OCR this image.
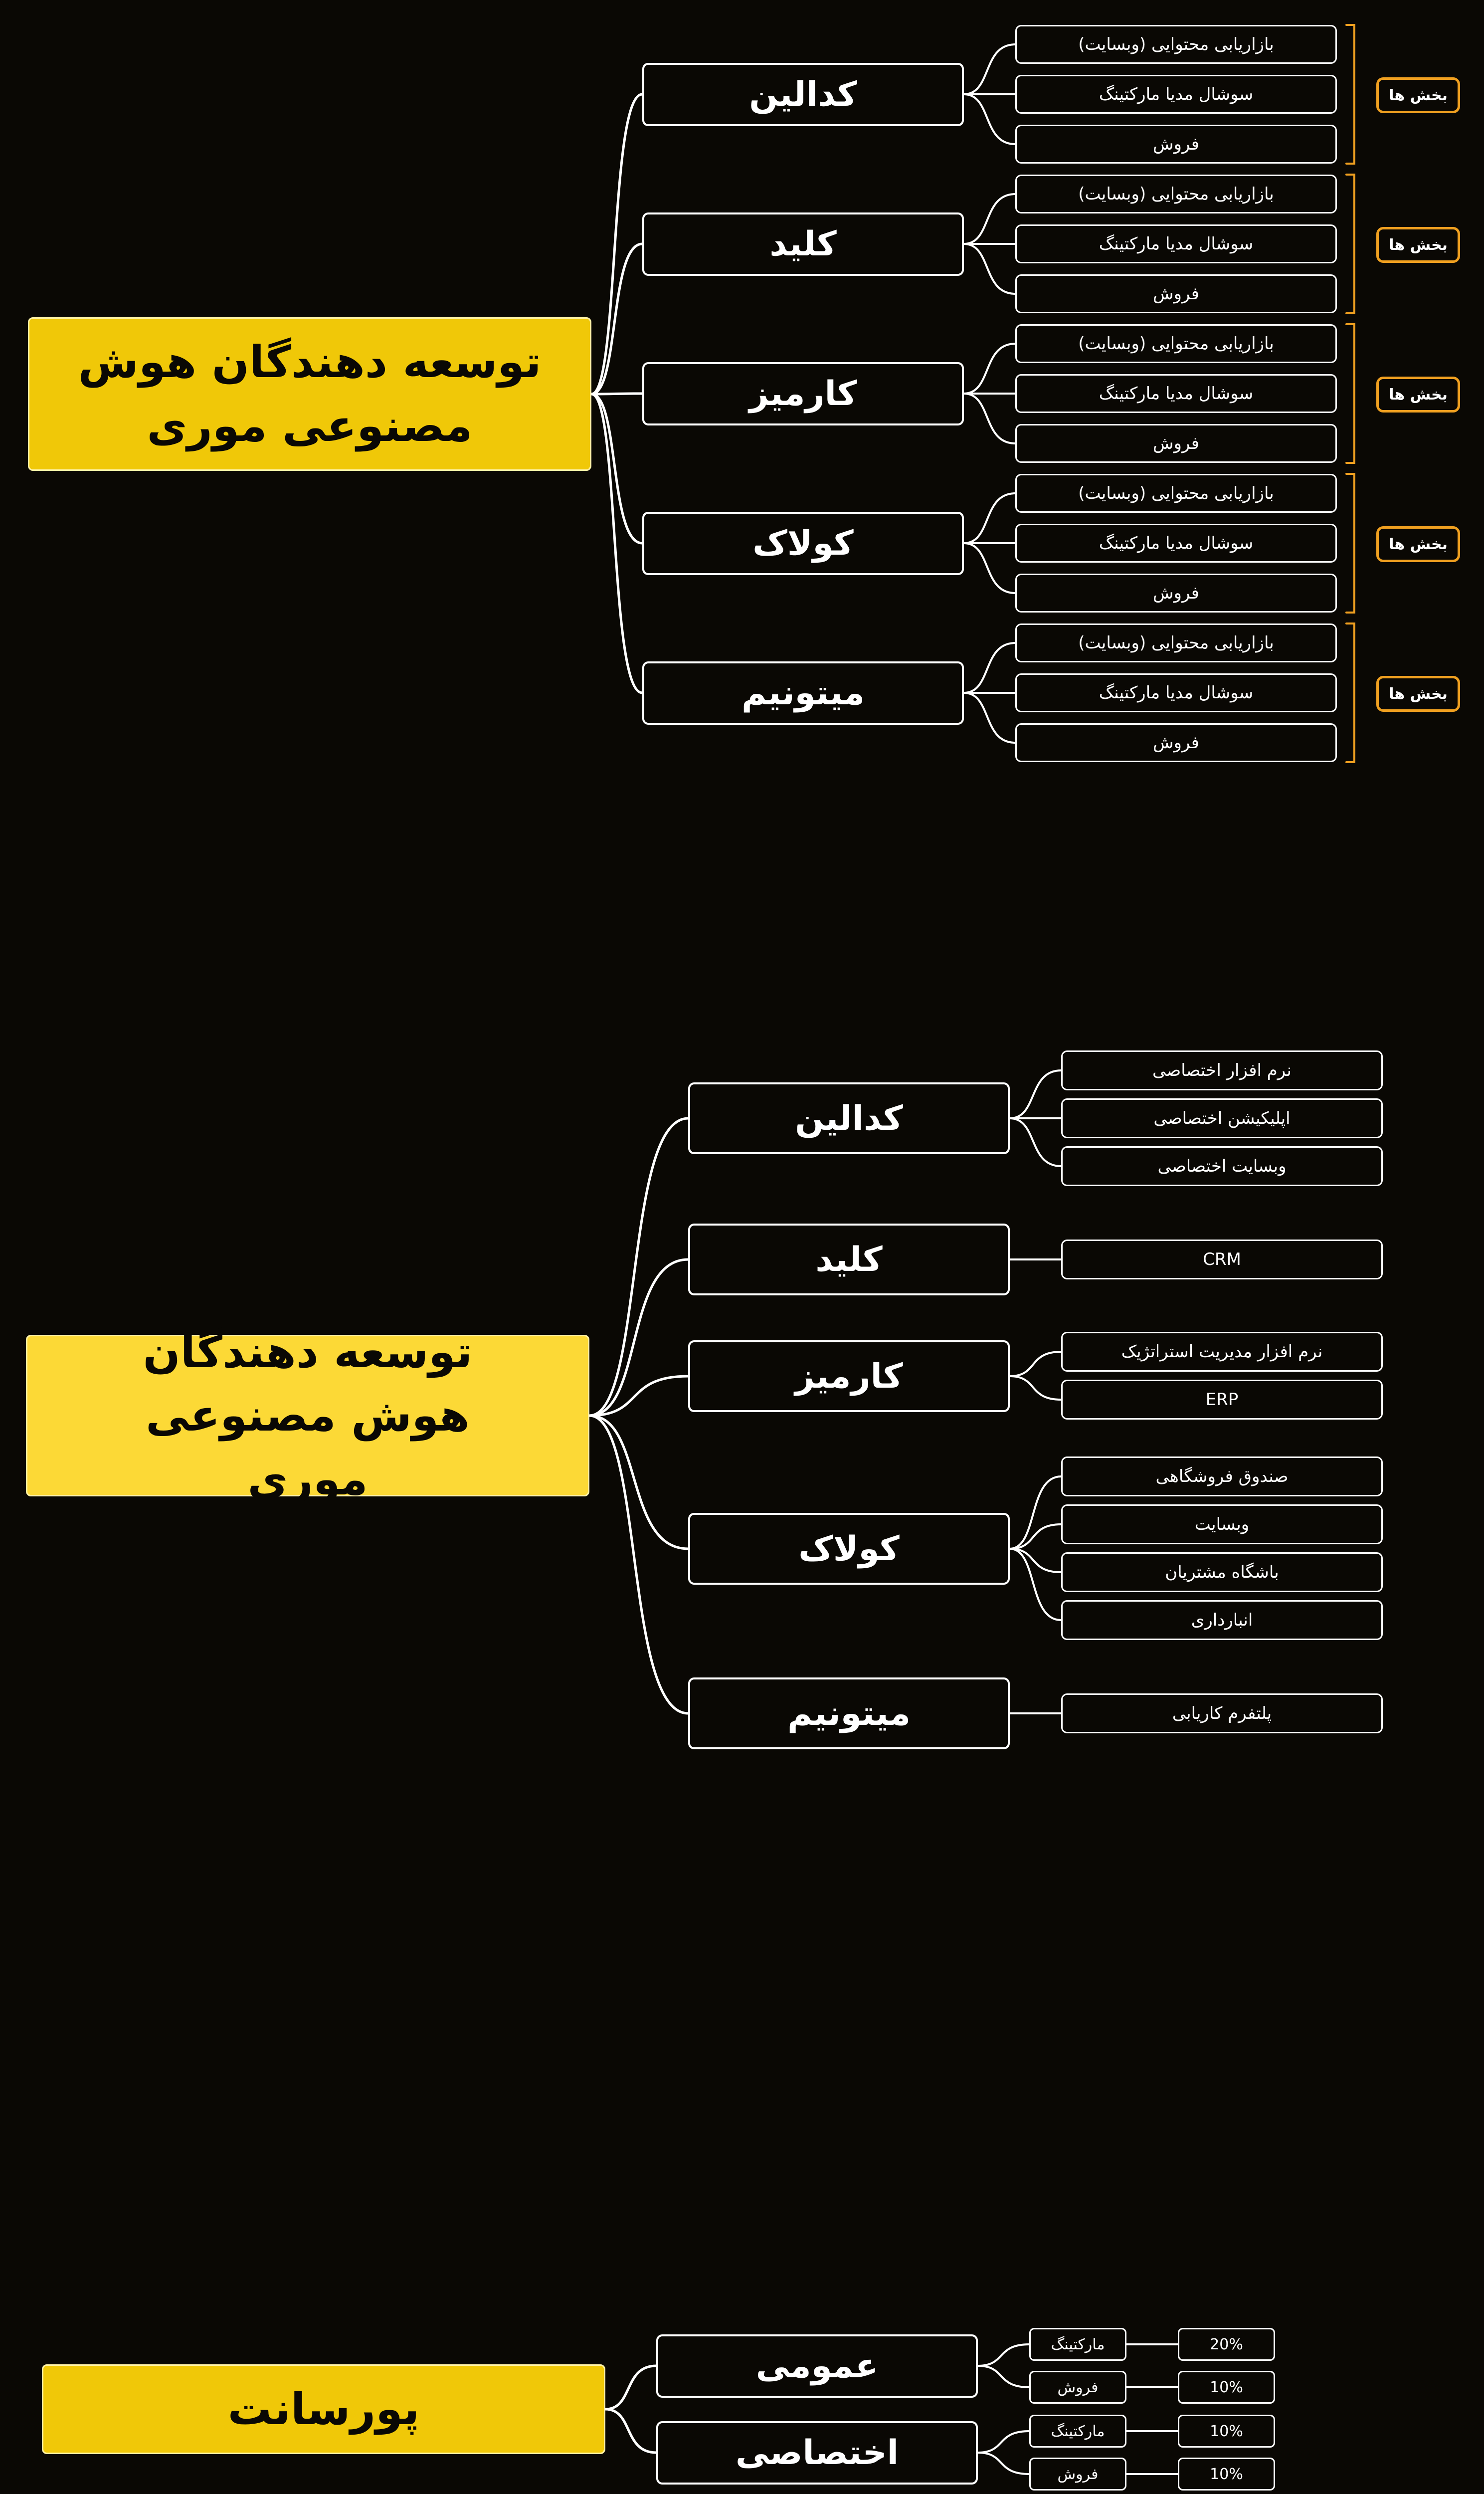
توسعه دهندگان هوش مصنوعی موری
کدالین
کلید
کارمیز
کولاک
میتونیم
بازاریابی محتوایی (وبسایت)
سوشال مدیا مارکتینگ
فروش
بازاریابی محتوایی (وبسایت)
سوشال مدیا مارکتینگ
فروش
بازاریابی محتوایی (وبسایت)
سوشال مدیا مارکتینگ
فروش
بازاریابی محتوایی (وبسایت)
سوشال مدیا مارکتینگ
فروش
بازاریابی محتوایی (وبسایت)
سوشال مدیا مارکتینگ
فروش
بخش ها
بخش ها
بخش ها
بخش ها
بخش ها
توسعه دهندگان هوش مصنوعی موری
کدالین
کلید
کارمیز
کولاک
میتونیم
نرم افزار اختصاصی
اپلیکیشن اختصاصی
وبسایت اختصاصی
CRM
نرم افزار مدیریت استراتژیک
ERP
صندوق فروشگاهی
وبسایت
باشگاه مشتریان
انبارداری
پلتفرم کاریابی
پورسانت
عمومی
اختصاصی
مارکتینگ
فروش
مارکتینگ
فروش
20%
10%
10%
10%
